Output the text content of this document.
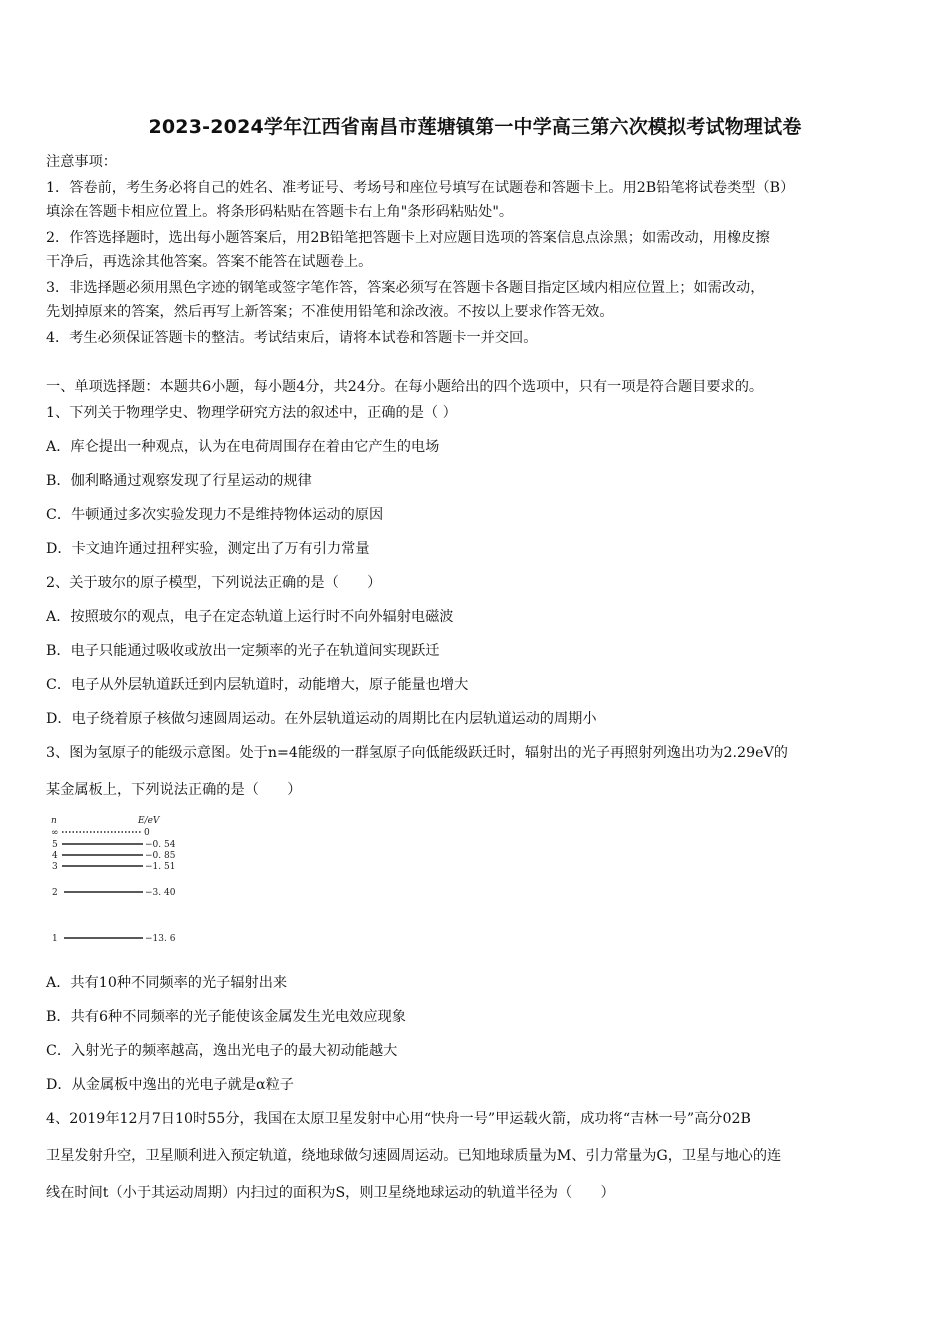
2023-2024学年江西省南昌市莲塘镇第一中学高三第六次模拟考试物理试卷
注意事项：
1．答卷前，考生务必将自己的姓名、准考证号、考场号和座位号填写在试题卷和答题卡上。用2B铅笔将试卷类型（B）
填涂在答题卡相应位置上。将条形码粘贴在答题卡右上角"条形码粘贴处"。
2．作答选择题时，选出每小题答案后，用2B铅笔把答题卡上对应题目选项的答案信息点涂黑；如需改动，用橡皮擦
干净后，再选涂其他答案。答案不能答在试题卷上。
3．非选择题必须用黑色字迹的钢笔或签字笔作答，答案必须写在答题卡各题目指定区域内相应位置上；如需改动，
先划掉原来的答案，然后再写上新答案；不准使用铅笔和涂改液。不按以上要求作答无效。
4．考生必须保证答题卡的整洁。考试结束后，请将本试卷和答题卡一并交回。
一、单项选择题：本题共6小题，每小题4分，共24分。在每小题给出的四个选项中，只有一项是符合题目要求的。
1、下列关于物理学史、物理学研究方法的叙述中，正确的是（ ）
A．库仑提出一种观点，认为在电荷周围存在着由它产生的电场
B．伽利略通过观察发现了行星运动的规律
C．牛顿通过多次实验发现力不是维持物体运动的原因
D．卡文迪许通过扭秤实验，测定出了万有引力常量
2、关于玻尔的原子模型，下列说法正确的是（　　）
A．按照玻尔的观点，电子在定态轨道上运行时不向外辐射电磁波
B．电子只能通过吸收或放出一定频率的光子在轨道间实现跃迁
C．电子从外层轨道跃迁到内层轨道时，动能增大，原子能量也增大
D．电子绕着原子核做匀速圆周运动。在外层轨道运动的周期比在内层轨道运动的周期小
3、图为氢原子的能级示意图。处于n=4能级的一群氢原子向低能级跃迁时，辐射出的光子再照射列逸出功为2.29eV的
某金属板上，下列说法正确的是（　　）
n	E/eV
∞	0
5	−0. 54
4	−0. 85
3	−1. 51
2	−3. 40
1	−13. 6
A．共有10种不同频率的光子辐射出来
B．共有6种不同频率的光子能使该金属发生光电效应现象
C．入射光子的频率越高，逸出光电子的最大初动能越大
D．从金属板中逸出的光电子就是α粒子
4、2019年12月7日10时55分，我国在太原卫星发射中心用“快舟一号”甲运载火箭，成功将“吉林一号”高分02B
卫星发射升空，卫星顺利进入预定轨道，绕地球做匀速圆周运动。已知地球质量为M、引力常量为G，卫星与地心的连
线在时间t（小于其运动周期）内扫过的面积为S，则卫星绕地球运动的轨道半径为（　　）
